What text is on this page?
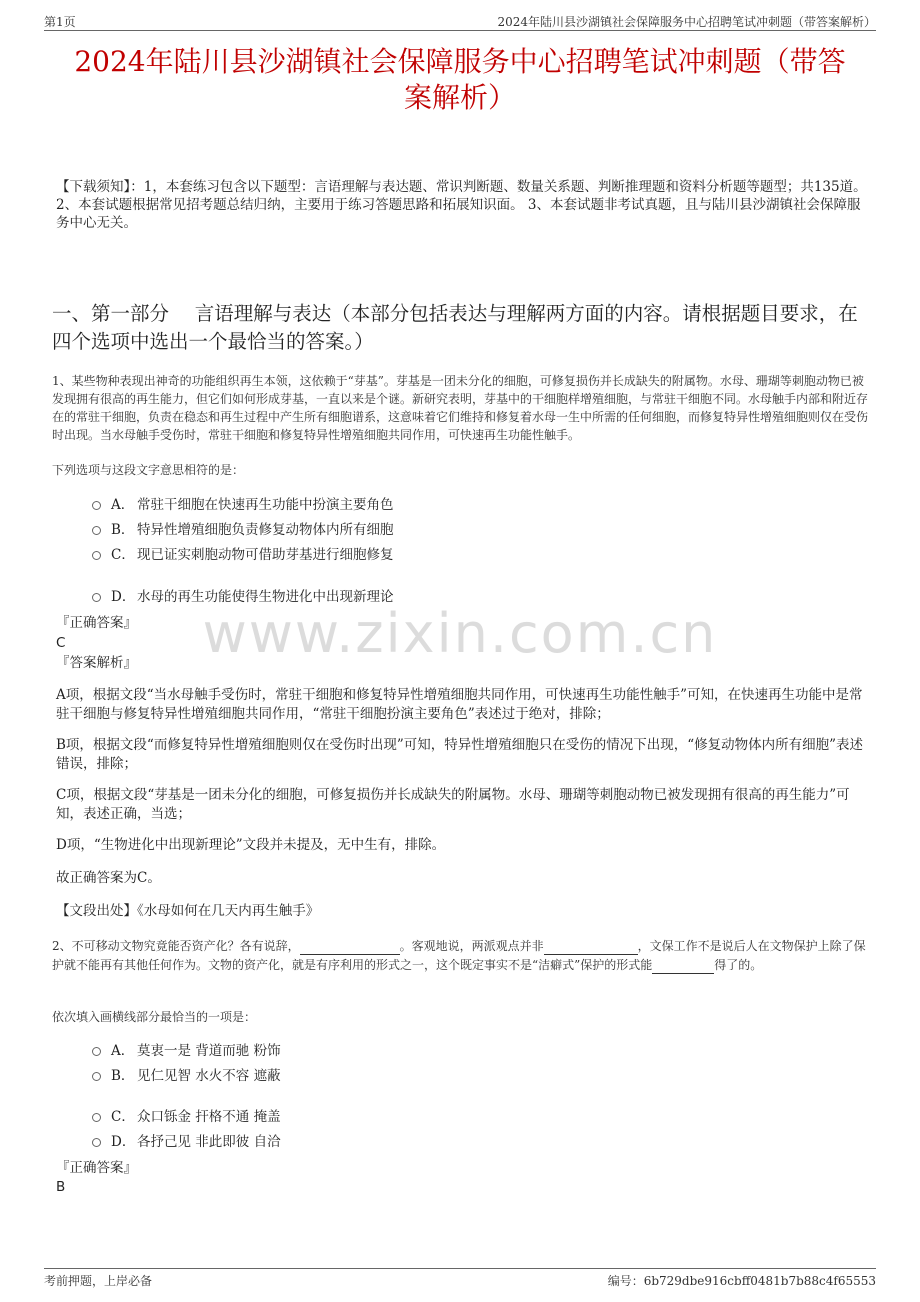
第1页	2024年陆川县沙湖镇社会保障服务中心招聘笔试冲刺题（带答案解析）
2024年陆川县沙湖镇社会保障服务中心招聘笔试冲刺题（带答
案解析）
【下载须知】：1，本套练习包含以下题型：言语理解与表达题、常识判断题、数量关系题、判断推理题和资料分析题等题型；共135道。 2、本套试题根据常见招考题总结归纳，主要用于练习答题思路和拓展知识面。 3、本套试题非考试真题，且与陆川县沙湖镇社会保障服务中心无关。
一、第一部分　 言语理解与表达（本部分包括表达与理解两方面的内容。请根据题目要求，在四个选项中选出一个最恰当的答案。）
1、某些物种表现出神奇的功能组织再生本领，这依赖于“芽基”。芽基是一团未分化的细胞，可修复损伤并长成缺失的附属物。水母、珊瑚等刺胞动物已被发现拥有很高的再生能力，但它们如何形成芽基，一直以来是个谜。新研究表明，芽基中的干细胞样增殖细胞，与常驻干细胞不同。水母触手内部和附近存在的常驻干细胞，负责在稳态和再生过程中产生所有细胞谱系，这意味着它们维持和修复着水母一生中所需的任何细胞，而修复特异性增殖细胞则仅在受伤时出现。当水母触手受伤时，常驻干细胞和修复特异性增殖细胞共同作用，可快速再生功能性触手。
下列选项与这段文字意思相符的是：
A． 常驻干细胞在快速再生功能中扮演主要角色
B． 特异性增殖细胞负责修复动物体内所有细胞
C． 现已证实刺胞动物可借助芽基进行细胞修复
D． 水母的再生功能使得生物进化中出现新理论
www.zixin.com.cn
『正确答案』
C
『答案解析』
A项，根据文段“当水母触手受伤时，常驻干细胞和修复特异性增殖细胞共同作用，可快速再生功能性触手”可知，在快速再生功能中是常驻干细胞与修复特异性增殖细胞共同作用，“常驻干细胞扮演主要角色”表述过于绝对，排除；
B项，根据文段“而修复特异性增殖细胞则仅在受伤时出现”可知，特异性增殖细胞只在受伤的情况下出现，“修复动物体内所有细胞”表述错误，排除；
C项，根据文段“芽基是一团未分化的细胞，可修复损伤并长成缺失的附属物。水母、珊瑚等刺胞动物已被发现拥有很高的再生能力”可知，表述正确，当选；
D项，“生物进化中出现新理论”文段并未提及，无中生有，排除。
故正确答案为C。
【文段出处】《水母如何在几天内再生触手》
2、不可移动文物究竟能否资产化？各有说辞，	。客观地说，两派观点并非	，文保工作不是说后人在文物保护上除了保护就不能再有其他任何作为。文物的资产化，就是有序利用的形式之一，这个既定事实不是“洁癖式”保护的形式能	得了的。
依次填入画横线部分最恰当的一项是：
A． 莫衷一是 背道而驰 粉饰
B． 见仁见智 水火不容 遮蔽
C． 众口铄金 扞格不通 掩盖
D． 各抒己见 非此即彼 自洽
『正确答案』
B
考前押题，上岸必备	编号：6b729dbe916cbff0481b7b88c4f65553
